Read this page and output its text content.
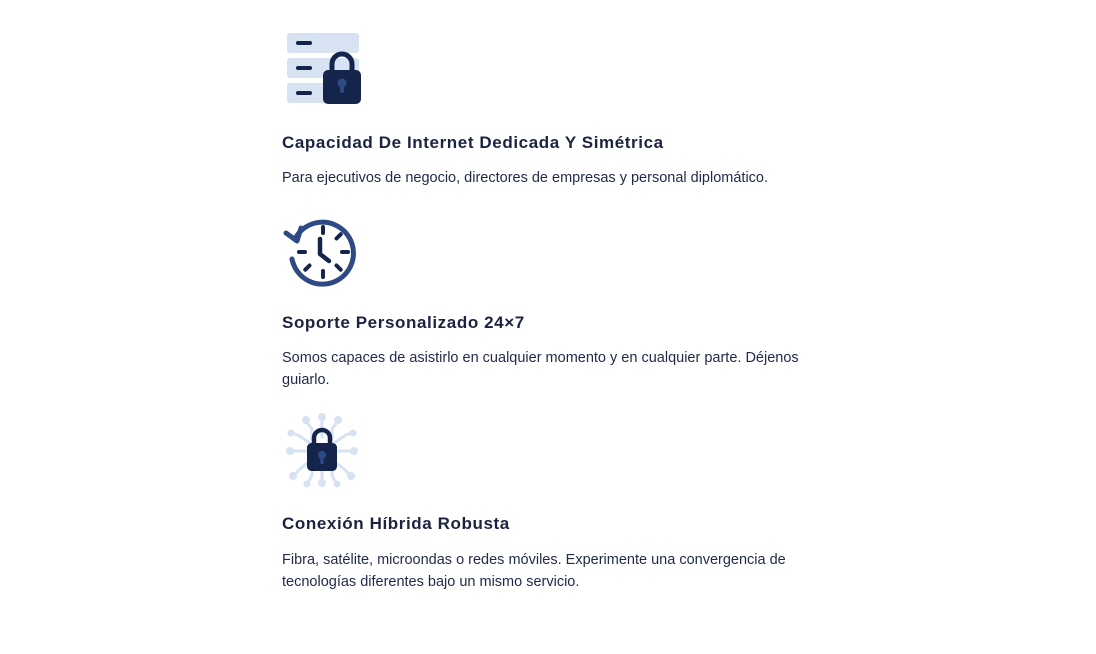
Capacidad De Internet Dedicada Y Simétrica

Para ejecutivos de negocio, directores de empresas y personal diplomático.

Soporte Personalizado 24×7

Somos capaces de asistirlo en cualquier momento y en cualquier parte. Déjenos guiarlo.

Conexión Híbrida Robusta

Fibra, satélite, microondas o redes móviles. Experimente una convergencia de tecnologías diferentes bajo un mismo servicio.
